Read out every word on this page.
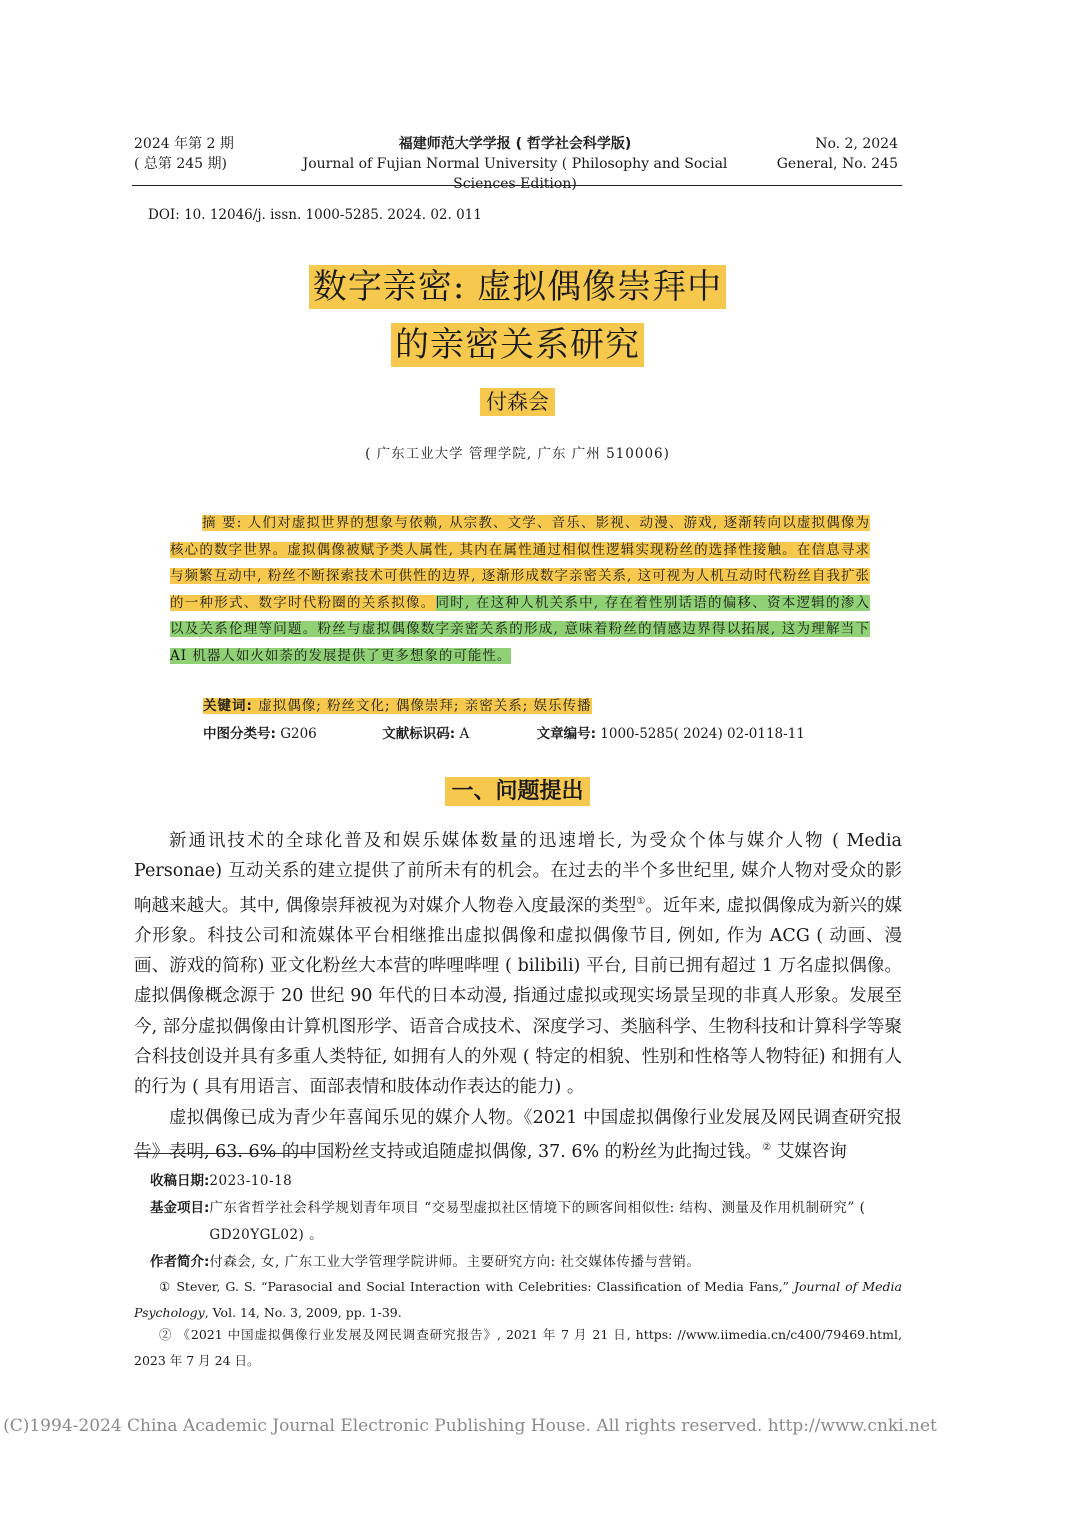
2024 年第 2 期
( 总第 245 期)
福建师范大学学报 ( 哲学社会科学版)
Journal of Fujian Normal University ( Philosophy and Social Sciences Edition)
No. 2, 2024
General, No. 245
DOI: 10. 12046/j. issn. 1000-5285. 2024. 02. 011
数字亲密: 虚拟偶像崇拜中
的亲密关系研究
付森会
( 广东工业大学 管理学院, 广东 广州 510006)
摘 要: 人们对虚拟世界的想象与依赖, 从宗教、文学、音乐、影视、动漫、游戏, 逐渐转向以虚拟偶像为核心的数字世界。虚拟偶像被赋予类人属性, 其内在属性通过相似性逻辑实现粉丝的选择性接触。在信息寻求与频繁互动中, 粉丝不断探索技术可供性的边界, 逐渐形成数字亲密关系, 这可视为人机互动时代粉丝自我扩张的一种形式、数字时代粉圈的关系拟像。同时, 在这种人机关系中, 存在着性别话语的偏移、资本逻辑的渗入以及关系伦理等问题。粉丝与虚拟偶像数字亲密关系的形成, 意味着粉丝的情感边界得以拓展, 这为理解当下 AI 机器人如火如荼的发展提供了更多想象的可能性。
关键词: 虚拟偶像; 粉丝文化; 偶像崇拜; 亲密关系; 娱乐传播
中图分类号: G206	文献标识码: A	文章编号: 1000-5285( 2024) 02-0118-11
一、问题提出

新通讯技术的全球化普及和娱乐媒体数量的迅速增长, 为受众个体与媒介人物 ( Media Personae) 互动关系的建立提供了前所未有的机会。在过去的半个多世纪里, 媒介人物对受众的影响越来越大。其中, 偶像崇拜被视为对媒介人物卷入度最深的类型①。近年来, 虚拟偶像成为新兴的媒介形象。科技公司和流媒体平台相继推出虚拟偶像和虚拟偶像节目, 例如, 作为 ACG ( 动画、漫画、游戏的简称) 亚文化粉丝大本营的哔哩哔哩 ( bilibili) 平台, 目前已拥有超过 1 万名虚拟偶像。虚拟偶像概念源于 20 世纪 90 年代的日本动漫, 指通过虚拟或现实场景呈现的非真人形象。发展至今, 部分虚拟偶像由计算机图形学、语音合成技术、深度学习、类脑科学、生物科技和计算科学等聚合科技创设并具有多重人类特征, 如拥有人的外观 ( 特定的相貌、性别和性格等人物特征) 和拥有人的行为 ( 具有用语言、面部表情和肢体动作表达的能力) 。

虚拟偶像已成为青少年喜闻乐见的媒介人物。《2021 中国虚拟偶像行业发展及网民调查研究报告》表明, 63. 6% 的中国粉丝支持或追随虚拟偶像, 37. 6% 的粉丝为此掏过钱。② 艾媒咨询

收稿日期: 2023-10-18
基金项目: 广东省哲学社会科学规划青年项目 “交易型虚拟社区情境下的顾客间相似性: 结构、测量及作用机制研究” ( GD20YGL02) 。
作者简介: 付森会, 女, 广东工业大学管理学院讲师。主要研究方向: 社交媒体传播与营销。
① Stever, G. S. “Parasocial and Social Interaction with Celebrities: Classification of Media Fans,” Journal of Media Psychology, Vol. 14, No. 3, 2009, pp. 1-39.
② 《2021 中国虚拟偶像行业发展及网民调查研究报告》, 2021 年 7 月 21 日, https: //www.iimedia.cn/c400/79469.html, 2023 年 7 月 24 日。
(C)1994-2024 China Academic Journal Electronic Publishing House. All rights reserved. http://www.cnki.net
